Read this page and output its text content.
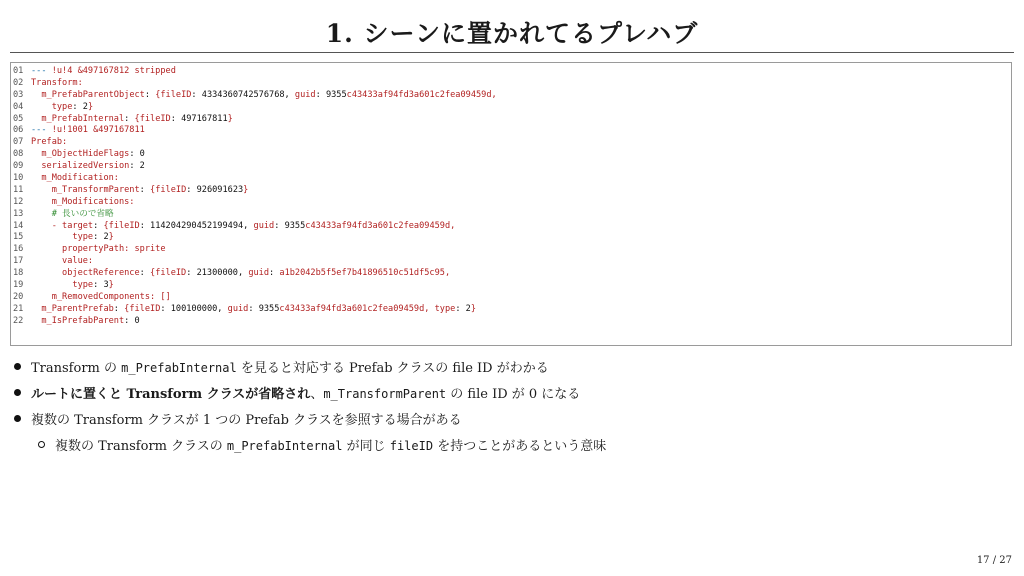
1. シーンに置かれてるプレハブ
01 --- !u!4 &497167812 stripped
02 Transform:
03	m_PrefabParentObject: {fileID: 4334360742576768, guid: 9355c43433af94fd3a601c2fea09459d,
04	type: 2}
05	m_PrefabInternal: {fileID: 497167811}
06 --- !u!1001 &497167811
07 Prefab:
08	m_ObjectHideFlags: 0
09	serializedVersion: 2
10	m_Modification:
11	m_TransformParent: {fileID: 926091623}
12	m_Modifications:
13	# 長いので省略
14	- target: {fileID: 114204290452199494, guid: 9355c43433af94fd3a601c2fea09459d,
15	type: 2}
16	propertyPath: sprite
17	value:
18	objectReference: {fileID: 21300000, guid: a1b2042b5f5ef7b41896510c51df5c95,
19	type: 3}
20	m_RemovedComponents: []
21	m_ParentPrefab: {fileID: 100100000, guid: 9355c43433af94fd3a601c2fea09459d, type: 2}
22	m_IsPrefabParent: 0
Transform の m_PrefabInternal を見ると対応する Prefab クラスの file ID がわかる
ルートに置くと Transform クラスが省略され、m_TransformParent の file ID が 0 になる
複数の Transform クラスが 1 つの Prefab クラスを参照する場合がある
複数の Transform クラスの m_PrefabInternal が同じ fileID を持つことがあるという意味
17 / 27
